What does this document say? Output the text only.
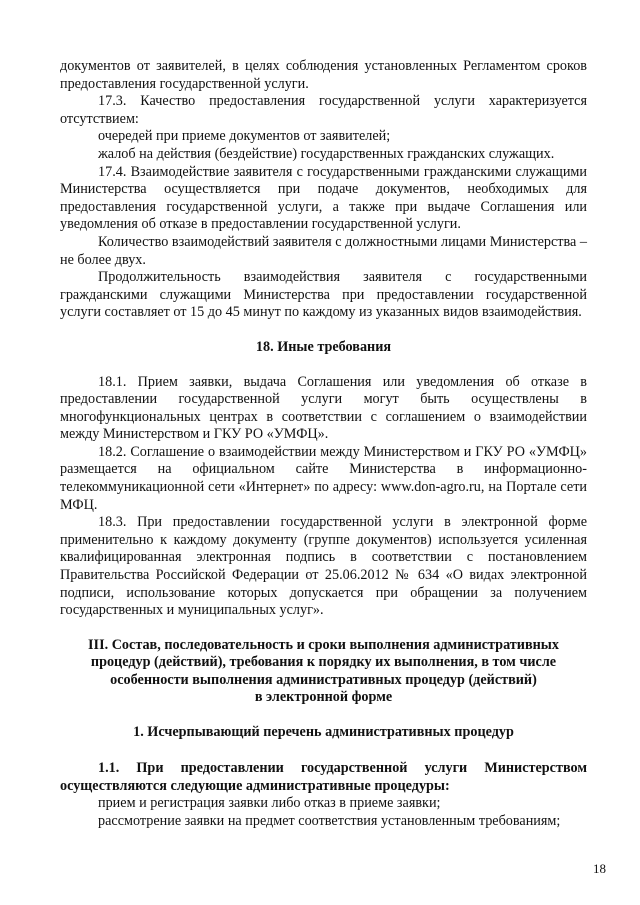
документов от заявителей, в целях соблюдения установленных Регламентом сроков предоставления государственной услуги.

17.3. Качество предоставления государственной услуги характеризуется отсутствием:

очередей при приеме документов от заявителей;

жалоб на действия (бездействие) государственных гражданских служащих.

17.4. Взаимодействие заявителя с государственными гражданскими служащими Министерства осуществляется при подаче документов, необходимых для предоставления государственной услуги, а также при выдаче Соглашения или уведомления об отказе в предоставлении государственной услуги.

Количество взаимодействий заявителя с должностными лицами Министерства – не более двух.

Продолжительность взаимодействия заявителя с государственными гражданскими служащими Министерства при предоставлении государственной услуги составляет от 15 до 45 минут по каждому из указанных видов взаимодействия.

18. Иные требования

18.1. Прием заявки, выдача Соглашения или уведомления об отказе в предоставлении государственной услуги могут быть осуществлены в многофункциональных центрах в соответствии с соглашением о взаимодействии между Министерством и ГКУ РО «УМФЦ».

18.2. Соглашение о взаимодействии между Министерством и ГКУ РО «УМФЦ» размещается на официальном сайте Министерства в информационно-телекоммуникационной сети «Интернет» по адресу: www.don-agro.ru, на Портале сети МФЦ.

18.3. При предоставлении государственной услуги в электронной форме применительно к каждому документу (группе документов) используется усиленная квалифицированная электронная подпись в соответствии с постановлением Правительства Российской Федерации от 25.06.2012 № 634 «О видах электронной подписи, использование которых допускается при обращении за получением государственных и муниципальных услуг».

III. Состав, последовательность и сроки выполнения административных
процедур (действий), требования к порядку их выполнения, в том числе
особенности выполнения административных процедур (действий)
в электронной форме

1. Исчерпывающий перечень административных процедур

1.1. При предоставлении государственной услуги Министерством осуществляются следующие административные процедуры:

прием и регистрация заявки либо отказ в приеме заявки;

рассмотрение заявки на предмет соответствия установленным требованиям;

18
